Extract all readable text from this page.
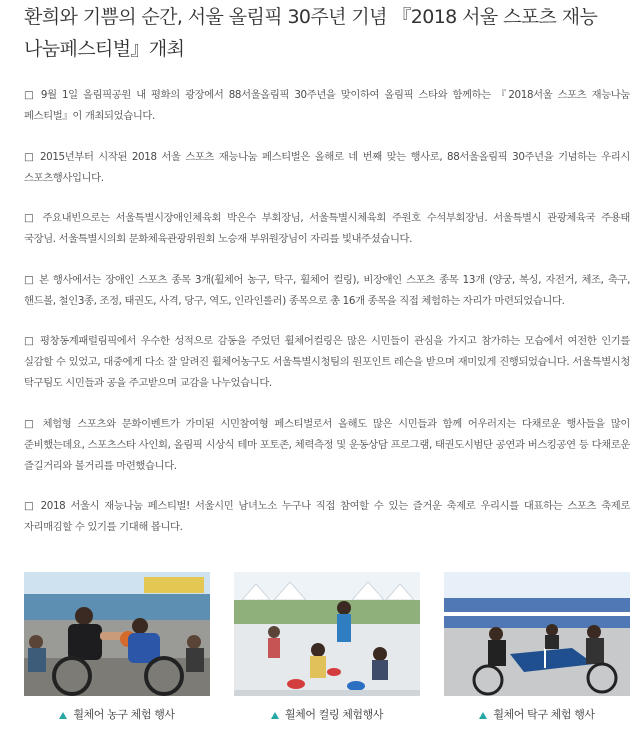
환희와 기쁨의 순간, 서울 올림픽 30주년 기념 『2018 서울 스포츠 재능
나눔페스티벌』개최

□ 9월 1일 올림픽공원 내 평화의 광장에서 88서울올림픽 30주년을 맞이하여 올림픽 스타와 함께하는 『2018서울 스포츠 재능나눔 페스티벌』이 개최되었습니다.

□ 2015년부터 시작된 2018 서울 스포츠 재능나눔 페스티벌은 올해로 네 번째 맞는 행사로, 88서울올림픽 30주년을 기념하는 우리시 스포츠행사입니다.

□ 주요내빈으로는 서울특별시장애인체육회 박은수 부회장님, 서울특별시체육회 주원호 수석부회장님. 서울특별시 관광체육국 주용태 국장님. 서울특별시의회 문화체육관광위원회 노승재 부위원장님이 자리를 빛내주셨습니다.

□ 본 행사에서는 장애인 스포츠 종목 3개(휠체어 농구, 탁구, 휠체어 컬링), 비장애인 스포츠 종목 13개 (양궁, 복싱, 자전거, 체조, 축구, 핸드볼, 철인3종, 조정, 태권도, 사격, 당구, 역도, 인라인롤러) 종목으로 총 16개 종목을 직접 체험하는 자리가 마련되었습니다.

□ 평창동계패럴림픽에서 우수한 성적으로 감동을 주었던 휠체어컬링은 많은 시민들이 관심을 가지고 참가하는 모습에서 여전한 인기를 실감할 수 있었고, 대중에게 다소 잘 알려진 휠체어농구도 서울특별시청팀의 원포인트 레슨을 받으며 재미있게 진행되었습니다. 서울특별시청 탁구팀도 시민들과 공을 주고받으며 교감을 나누었습니다.

□ 체험형 스포츠와 문화이벤트가 가미된 시민참여형 페스티벌로서 올해도 많은 시민들과 함께 어우러지는 다채로운 행사들을 많이 준비했는데요, 스포츠스타 사인회, 올림픽 시상식 테마 포토존, 체력측정 및 운동상담 프로그램, 태권도시범단 공연과 버스킹공연 등 다채로운 즐길거리와 볼거리를 마련했습니다.

□ 2018 서울시 재능나눔 페스티벌! 서울시민 남녀노소 누구나 직접 참여할 수 있는 즐거운 축제로 우리시를 대표하는 스포츠 축제로 자리매김할 수 있기를 기대해 봅니다.

휠체어 농구 체험 행사	휠체어 컬링 체험행사	휠체어 탁구 체험 행사
